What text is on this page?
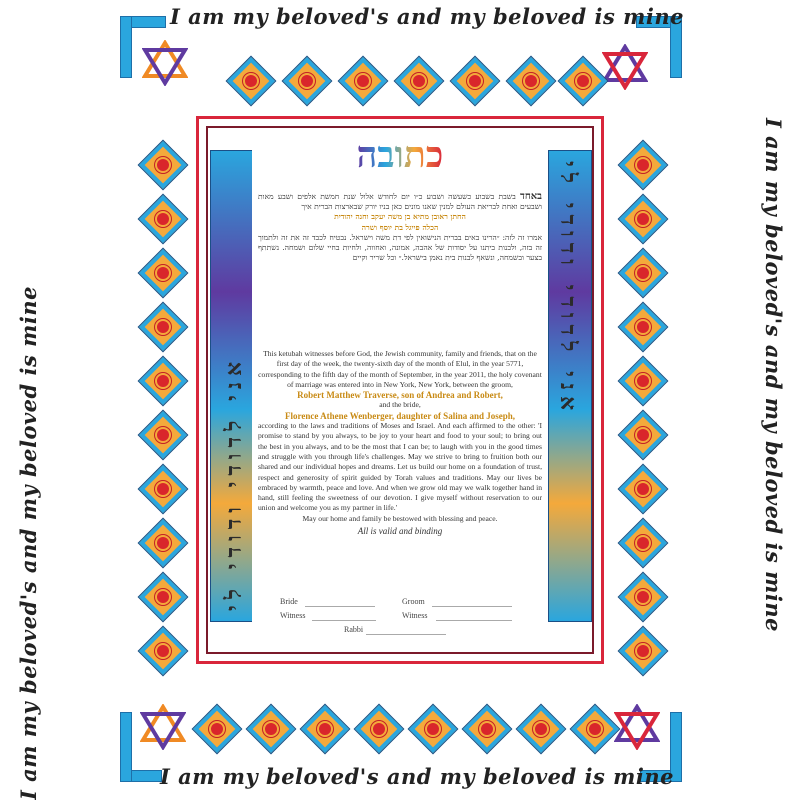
I am my beloved's and my beloved is mine
I am my beloved's and my beloved is mine
I am my beloved's and my beloved is mine	I am my beloved's and my beloved is mine
אני לדודי ודודי לי
אני לדודי ודודי לי
כתובה
באחד בשבת בשבוע כשעשה ושבוע כ״ו יום לחודש אלול שנת חמשת אלפים ושבע מאות ושבעים ואחת לבריאת העולם למנין שאנו מונים כאן בניו יורק שבארצות הברית איך
החתן ראובן מתיא בן משה יעקב וחנה יהודית
הכלה פייגל בת יוסף ושרה
אמרו זה לזה: ״הרינו באים בברית הנישואין לפי דת משה וישראל. נבטיח לכבד זה את זה ולתמוך זה בזה, ולבנות ביתנו על יסודות של אהבה, אמונה, ואחווה, ולחיות בחיי שלום ושמחה. נשתתף בצער ובשמחה, ונשאף לבנות בית נאמן בישראל.״ וכל שריר וקיים
This ketubah witnesses before God, the Jewish community, family and friends, that on the first day of the week, the twenty-sixth day of the month of Elul, in the year 5771, corresponding to the fifth day of the month of September, in the year 2011, the holy covenant of marriage was entered into in New York, New York, between the groom,
Robert Matthew Traverse, son of Andrea and Robert,
and the bride,
Florence Athene Wenberger, daughter of Salina and Joseph,
according to the laws and traditions of Moses and Israel. And each affirmed to the other: 'I promise to stand by you always, to be joy to your heart and food to your soul; to bring out the best in you always, and to be the most that I can be; to laugh with you in the good times and struggle with you through life's challenges. May we strive to bring to fruition both our shared and our individual hopes and dreams. Let us build our home on a foundation of trust, respect and generosity of spirit guided by Torah values and traditions. May our lives be embraced by warmth, peace and love. And when we grow old may we walk together hand in hand, still feeling the sweetness of our devotion. I give myself without reservation to our union and welcome you as my partner in life.'
May our home and family be bestowed with blessing and peace.
All is valid and binding
Bride	Groom
Witness	Witness
Rabbi
